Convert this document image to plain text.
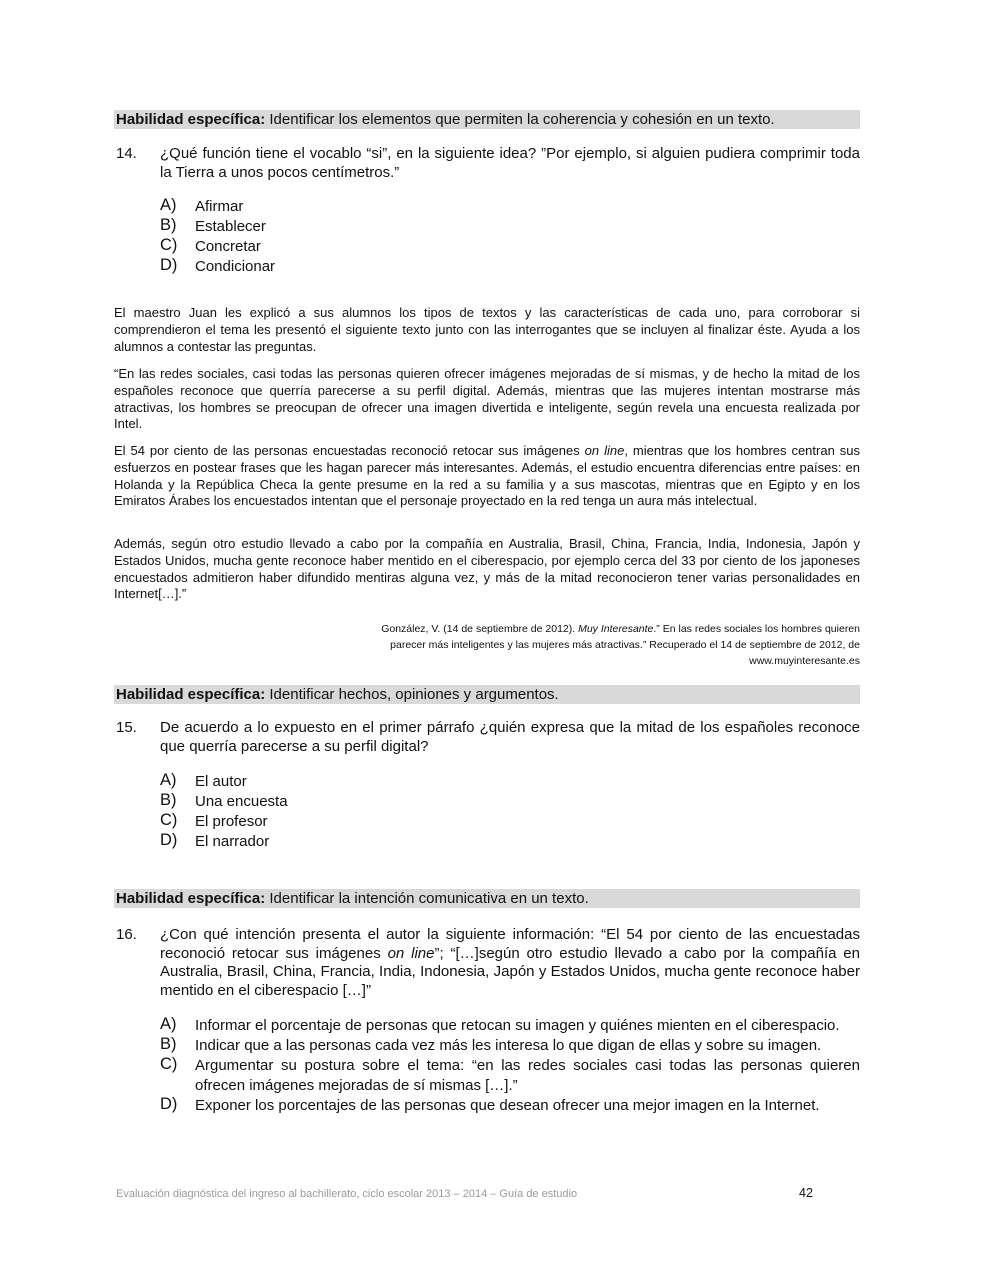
Habilidad específica: Identificar los elementos que permiten la coherencia y cohesión en un texto.
14. ¿Qué función tiene el vocablo “si”, en la siguiente idea? ”Por ejemplo, si alguien pudiera comprimir toda la Tierra a unos pocos centímetros.”
A) Afirmar
B) Establecer
C) Concretar
D) Condicionar
El maestro Juan les explicó a sus alumnos los tipos de textos y las características de cada uno, para corroborar si comprendieron el tema les presentó el siguiente texto junto con las interrogantes que se incluyen al finalizar éste. Ayuda a los alumnos a contestar las preguntas.
“En las redes sociales, casi todas las personas quieren ofrecer imágenes mejoradas de sí mismas, y de hecho la mitad de los españoles reconoce que querría parecerse a su perfil digital. Además, mientras que las mujeres intentan mostrarse más atractivas, los hombres se preocupan de ofrecer una imagen divertida e inteligente, según revela una encuesta realizada por Intel.
El 54 por ciento de las personas encuestadas reconoció retocar sus imágenes on line, mientras que los hombres centran sus esfuerzos en postear frases que les hagan parecer más interesantes. Además, el estudio encuentra diferencias entre países: en Holanda y la República Checa la gente presume en la red a su familia y a sus mascotas, mientras que en Egipto y en los Emiratos Árabes los encuestados intentan que el personaje proyectado en la red tenga un aura más intelectual.
Además, según otro estudio llevado a cabo por la compañía en Australia, Brasil, China, Francia, India, Indonesia, Japón y Estados Unidos, mucha gente reconoce haber mentido en el ciberespacio, por ejemplo cerca del 33 por ciento de los japoneses encuestados admitieron haber difundido mentiras alguna vez, y más de la mitad reconocieron tener varias personalidades en Internet[…].”
González, V. (14 de septiembre de 2012). Muy Interesante.” En las redes sociales los hombres quieren parecer más inteligentes y las mujeres más atractivas.” Recuperado el 14 de septiembre de 2012, de www.muyinteresante.es
Habilidad específica: Identificar hechos, opiniones y argumentos.
15. De acuerdo a lo expuesto en el primer párrafo ¿quién expresa que la mitad de los españoles reconoce que querría parecerse a su perfil digital?
A) El autor
B) Una encuesta
C) El profesor
D) El narrador
Habilidad específica: Identificar la intención comunicativa en un texto.
16. ¿Con qué intención presenta el autor la siguiente información: “El 54 por ciento de las encuestadas reconoció retocar sus imágenes on line”; “[…]según otro estudio llevado a cabo por la compañía en Australia, Brasil, China, Francia, India, Indonesia, Japón y Estados Unidos, mucha gente reconoce haber mentido en el ciberespacio […]”
A) Informar el porcentaje de personas que retocan su imagen y quiénes mienten en el ciberespacio.
B) Indicar que a las personas cada vez más les interesa lo que digan de ellas y sobre su imagen.
C) Argumentar su postura sobre el tema: “en las redes sociales casi todas las personas quieren ofrecen imágenes mejoradas de sí mismas […].”
D) Exponer los porcentajes de las personas que desean ofrecer una mejor imagen en la Internet.
Evaluación diagnóstica del ingreso al bachillerato, ciclo escolar 2013 – 2014 – Guía de estudio	42
